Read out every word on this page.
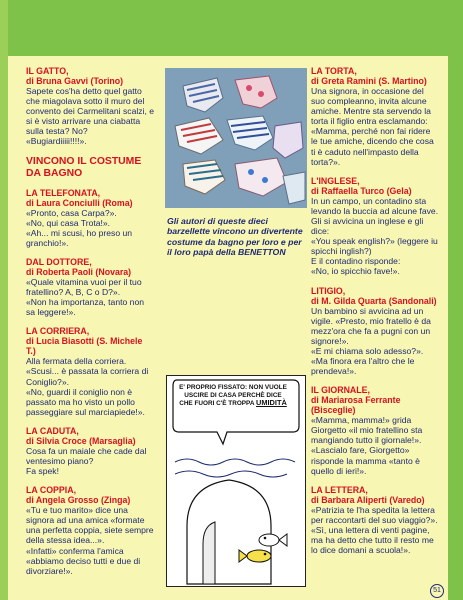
IL GATTO,
di Bruna Gavvi (Torino)

Sapete cos'ha detto quel gatto che miagolava sotto il muro del convento dei Carmelitani scalzi, e si è visto arrivare una ciabatta sulla testa? No?

«Bugiardiiiii!!!!».

VINCONO IL COSTUME DA BAGNO
LA TELEFONATA,
di Laura Conciulli (Roma)

«Pronto, casa Carpa?».

«No, qui casa Trota!».

«Ah... mi scusi, ho preso un granchio!».

DAL DOTTORE,
di Roberta Paoli (Novara)

«Quale vitamina vuoi per il tuo fratellino? A, B, C o D?».

«Non ha importanza, tanto non sa leggere!».

LA CORRIERA,
di Lucia Biasotti (S. Michele T.)

Alla fermata della corriera.

«Scusi... è passata la corriera di Coniglio?».

«No, guardi il coniglio non è passato ma ho visto un pollo passeggiare sul marciapiede!».

LA CADUTA,
di Silvia Croce (Marsaglia)

Cosa fa un maiale che cade dal ventesimo piano?

Fa spek!

LA COPPIA,
di Angela Grosso (Zinga)

«Tu e tuo marito» dice una signora ad una amica «formate una perfetta coppia, siete sempre della stessa idea...».

«Infatti» conferma l'amica «abbiamo deciso tutti e due di divorziare!».

Gli autori di queste dieci barzellette vincono un divertente costume da bagno per loro e per il loro papà della BENETTON
E' PROPRIO FISSATO: NON VUOLE USCIRE DI CASA PERCHÈ DICE CHE FUORI C'È TROPPA UMIDITÀ
LA TORTA,
di Greta Ramini (S. Martino)

Una signora, in occasione del suo compleanno, invita alcune amiche. Mentre sta servendo la torta il figlio entra esclamando: «Mamma, perché non fai ridere le tue amiche, dicendo che cosa ti è caduto nell'impasto della torta?».

L'INGLESE,
di Raffaella Turco (Gela)

In un campo, un contadino sta levando la buccia ad alcune fave. Gli si avvicina un inglese e gli dice:

«You speak english?» (leggere iu spicchi inglish?)

E il contadino risponde:

«No, io spicchio fave!».

LITIGIO,
di M. Gilda Quarta (Sandonali)

Un bambino si avvicina ad un vigile. «Presto, mio fratello è da mezz'ora che fa a pugni con un signore!».

«E mi chiama solo adesso?».

«Ma finora era l'altro che le prendeva!».

IL GIORNALE,
di Mariarosa Ferrante (Bisceglie)

«Mamma, mamma!» grida Giorgetto «il mio fratellino sta mangiando tutto il giornale!».

«Lascialo fare, Giorgetto» risponde la mamma «tanto è quello di ieri!».

LA LETTERA,
di Barbara Aliperti (Varedo)

«Patrizia te l'ha spedita la lettera per raccontarti del suo viaggio?».

«Sì, una lettera di venti pagine, ma ha detto che tutto il resto me lo dice domani a scuola!».

51
